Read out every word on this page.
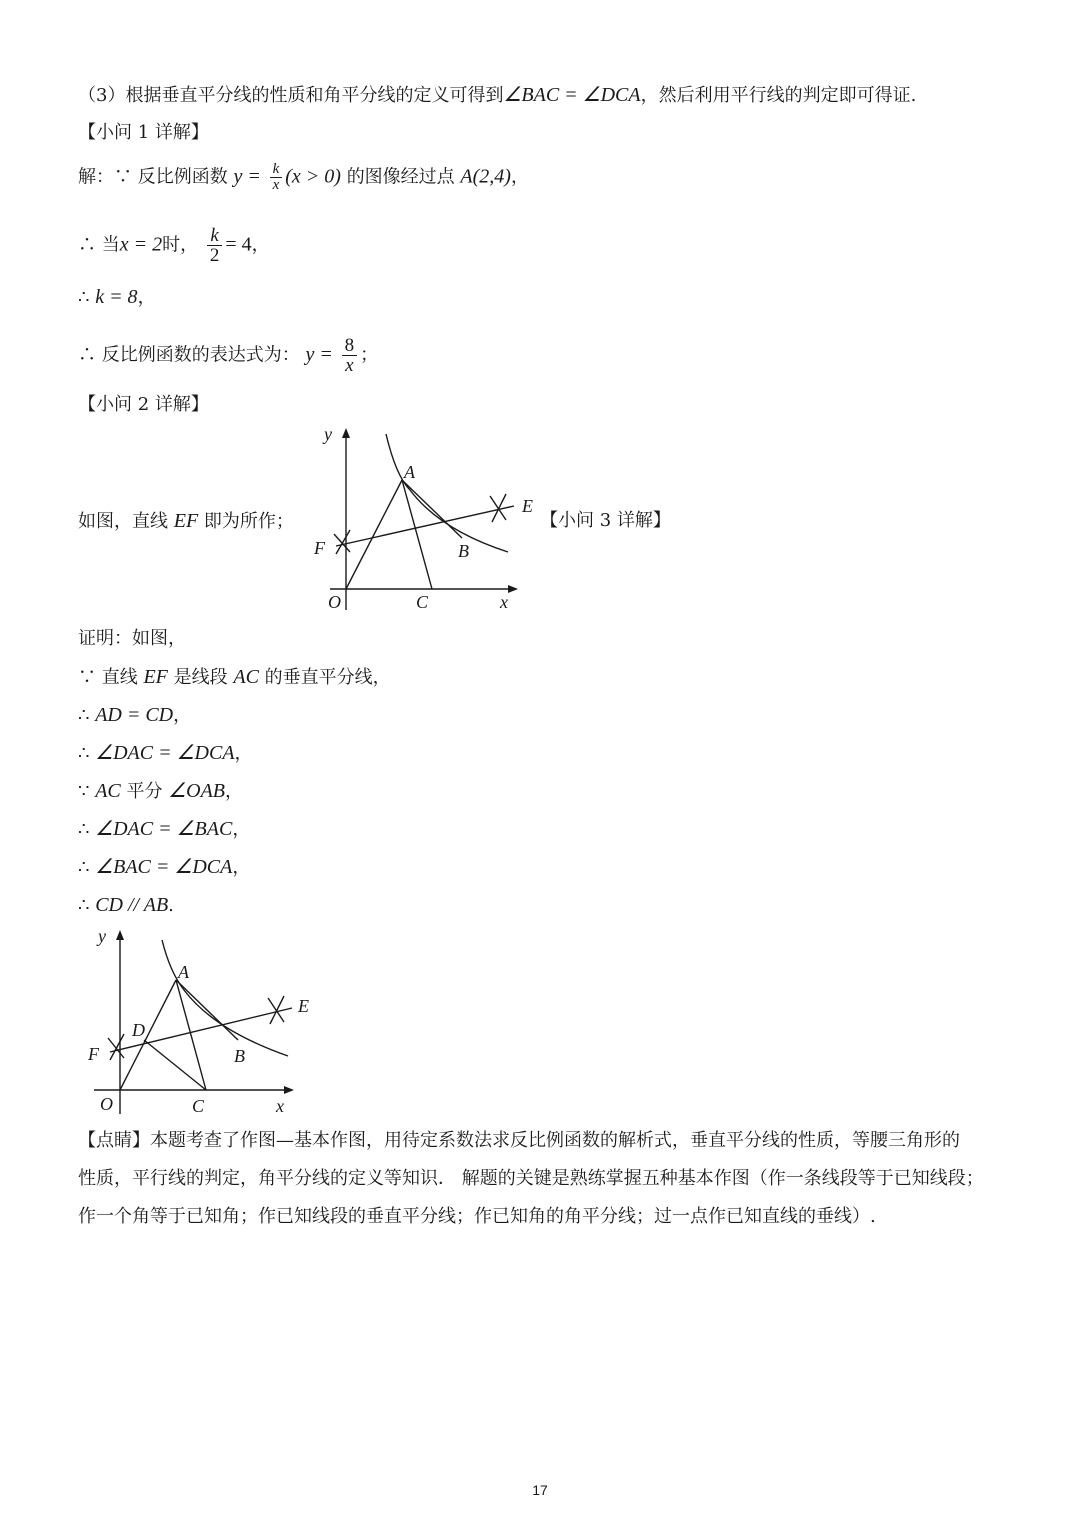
（3）根据垂直平分线的性质和角平分线的定义可得到∠BAC = ∠DCA，然后利用平行线的判定即可得证.
【小问 1 详解】
解：∵ 反比例函数 $y = \frac{k}{x} (x > 0)$ 的图像经过点 A(2,4)，
∴ 当x = 2时， $\frac{k}{2} = 4$，
∴ k = 8，
∴ 反比例函数的表达式为： $y = \frac{8}{x}$ ；
【小问 2 详解】
如图，直线 EF 即为所作；	【小问 3 详解】
y
A
E
F	B
O	C	x
证明：如图，
∵ 直线 EF 是线段 AC 的垂直平分线，
∴ AD = CD，
∴ ∠DAC = ∠DCA，
∵ AC 平分 ∠OAB，
∴ ∠DAC = ∠BAC，
∴ ∠BAC = ∠DCA，
∴ CD // AB.
y
A
D
E
F	B
O	C	x
【点睛】本题考查了作图—基本作图，用待定系数法求反比例函数的解析式，垂直平分线的性质，等腰三角形的
性质，平行线的判定，角平分线的定义等知识． 解题的关键是熟练掌握五种基本作图（作一条线段等于已知线段；
作一个角等于已知角；作已知线段的垂直平分线；作已知角的角平分线；过一点作已知直线的垂线）.
17
